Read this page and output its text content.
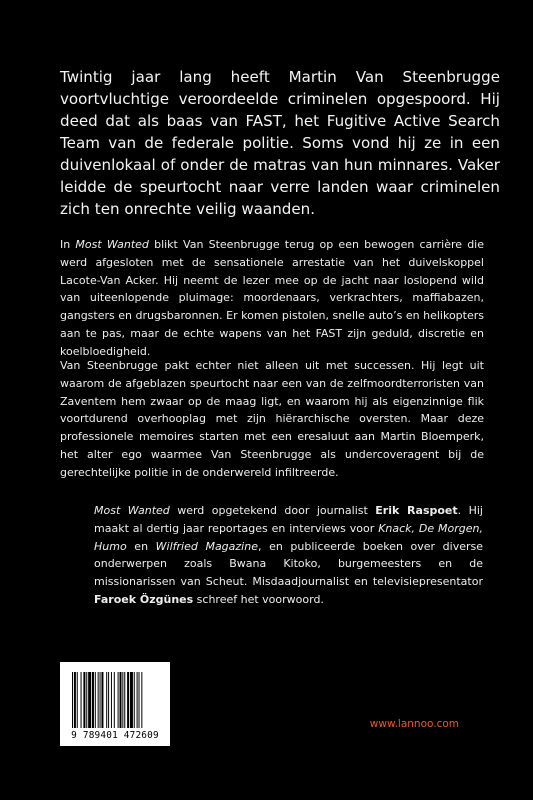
Twintig jaar lang heeft Martin Van Steenbrugge voortvluchtige veroordeelde criminelen opgespoord. Hij deed dat als baas van FAST, het Fugitive Active Search Team van de federale politie. Soms vond hij ze in een duivenlokaal of onder de matras van hun minnares. Vaker leidde de speurtocht naar verre landen waar criminelen zich ten onrechte veilig waanden.

In Most Wanted blikt Van Steenbrugge terug op een bewogen carrière die werd afgesloten met de sensationele arrestatie van het duivelskoppel Lacote-Van Acker. Hij neemt de lezer mee op de jacht naar loslopend wild van uiteenlopende pluimage: moordenaars, verkrachters, maffiabazen, gangsters en drugsbaronnen. Er komen pistolen, snelle auto’s en helikopters aan te pas, maar de echte wapens van het FAST zijn geduld, discretie en koelbloedigheid.

Van Steenbrugge pakt echter niet alleen uit met successen. Hij legt uit waarom de afgeblazen speurtocht naar een van de zelfmoordterroristen van Zaventem hem zwaar op de maag ligt, en waarom hij als eigenzinnige flik voortdurend overhooplag met zijn hiërarchische oversten. Maar deze professionele memoires starten met een eresaluut aan Martin Bloemperk, het alter ego waarmee Van Steenbrugge als undercoveragent bij de gerechtelijke politie in de onderwereld infiltreerde.

Most Wanted werd opgetekend door journalist Erik Raspoet. Hij maakt al dertig jaar reportages en interviews voor Knack, De Morgen, Humo en Wilfried Magazine, en publiceerde boeken over diverse onderwerpen zoals Bwana Kitoko, burgemeesters en de missionarissen van Scheut. Misdaadjournalist en televisiepresentator Faroek Özgünes schreef het voorwoord.

9 789401 472609
www.lannoo.com
